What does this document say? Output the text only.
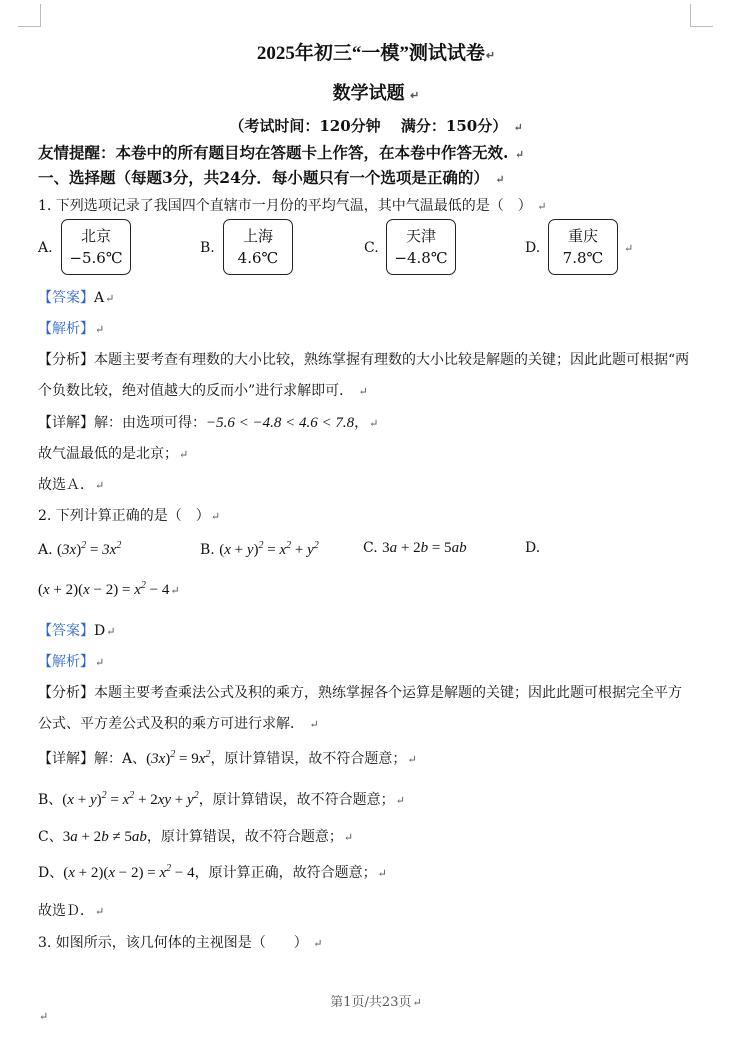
2025年初三“一模”测试试卷↵
数学试题 ↵
（考试时间：120分钟　 满分：150分） ↵
友情提醒：本卷中的所有题目均在答题卡上作答，在本卷中作答无效. ↵
一、选择题（每题3分，共24分．每小题只有一个选项是正确的） ↵
1. 下列选项记录了我国四个直辖市一月份的平均气温，其中气温最低的是（　） ↵
A.
北京
−5.6℃
B.
上海
4.6℃
C.
天津
−4.8℃
D.
重庆
7.8℃
↵
【答案】A↵
【解析】↵
【分析】本题主要考查有理数的大小比较，熟练掌握有理数的大小比较是解题的关键；因此此题可根据“两
个负数比较，绝对值越大的反而小”进行求解即可． ↵
【详解】解：由选项可得：−5.6 < −4.8 < 4.6 < 7.8，↵
故气温最低的是北京；↵
故选Ａ．↵
2. 下列计算正确的是（　）↵
A. $(3x)^2 = 3x^2$	B. $(x + y)^2 = x^2 + y^2$	C. 3a + 2b = 5ab	D.
$(x + 2)(x - 2) = x^2$ − 4↵
【答案】D↵
【解析】↵
【分析】本题主要考查乘法公式及积的乘方，熟练掌握各个运算是解题的关键；因此此题可根据完全平方
公式、平方差公式及积的乘方可进行求解． ↵
【详解】解：A、$(3x)^2 = 9x^2$，原计算错误，故不符合题意；↵
B、$(x + y)^2 = x^2 + 2xy + y^2$，原计算错误，故不符合题意；↵
C、3a + 2b ≠ 5ab，原计算错误，故不符合题意；↵
D、$(x + 2)(x - 2) = x^2 - 4$，原计算正确，故符合题意；↵
故选Ｄ．↵
3. 如图所示，该几何体的主视图是（　　） ↵
第1页/共23页↵
↵
